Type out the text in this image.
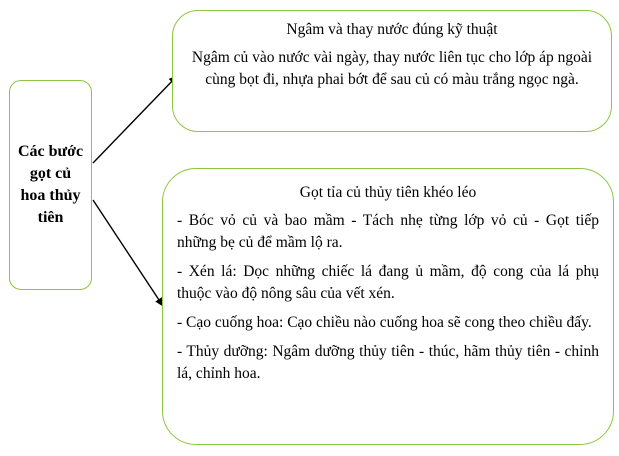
Các bước gọt củ hoa thủy tiên
Ngâm và thay nước đúng kỹ thuật
Ngâm củ vào nước vài ngày, thay nước liên tục cho lớp áp ngoài cùng bọt đi, nhựa phai bớt để sau củ có màu trắng ngọc ngà.
Gọt tỉa củ thủy tiên khéo léo
- Bóc vỏ củ và bao mầm - Tách nhẹ từng lớp vỏ củ - Gọt tiếp những bẹ củ để mầm lộ ra.
- Xén lá: Dọc những chiếc lá đang ủ mầm, độ cong của lá phụ thuộc vào độ nông sâu của vết xén.
- Cạo cuống hoa: Cạo chiều nào cuống hoa sẽ cong theo chiều đấy.
- Thủy dưỡng: Ngâm dưỡng thủy tiên - thúc, hãm thủy tiên - chỉnh lá, chỉnh hoa.
